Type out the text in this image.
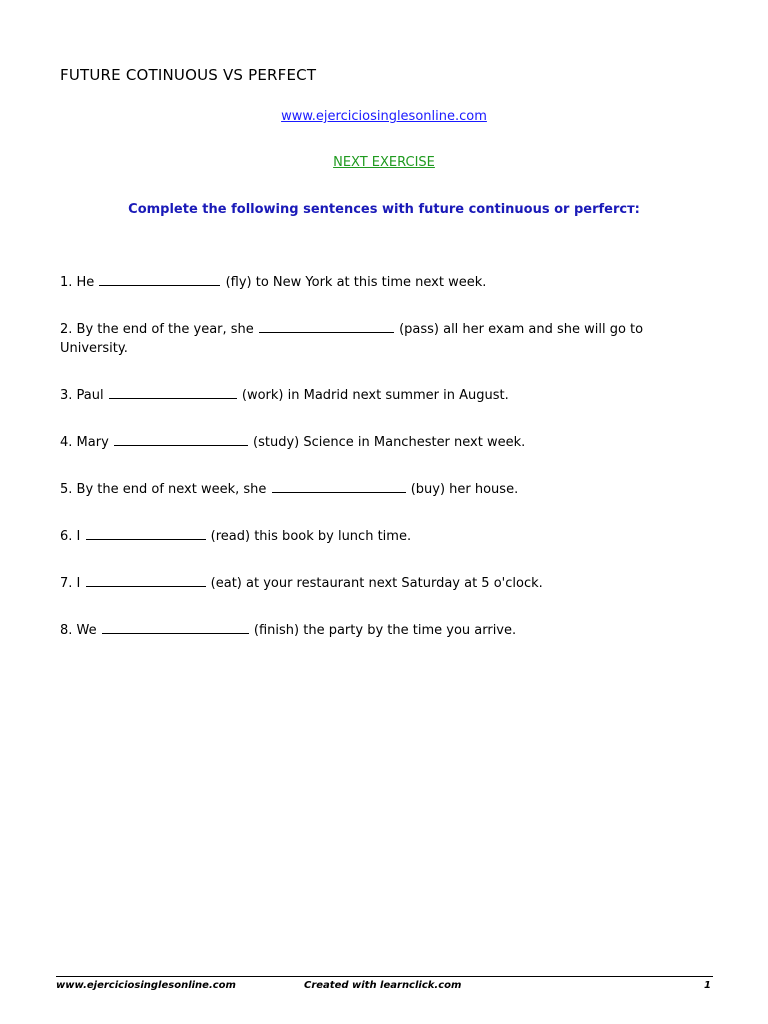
FUTURE COTINUOUS VS PERFECT
www.ejerciciosinglesonline.com
NEXT EXERCISE
Complete the following sentences with future continuous or perfercт:
1. He	(fly) to New York at this time next week.
2. By the end of the year, she	(pass) all her exam and she will go to University.
3. Paul	(work) in Madrid next summer in August.
4. Mary	(study) Science in Manchester next week.
5. By the end of next week, she	(buy) her house.
6. I	(read) this book by lunch time.
7. I	(eat) at your restaurant next Saturday at 5 o'clock.
8. We	(finish) the party by the time you arrive.
www.ejerciciosinglesonline.com	Created with learnclick.com	1
